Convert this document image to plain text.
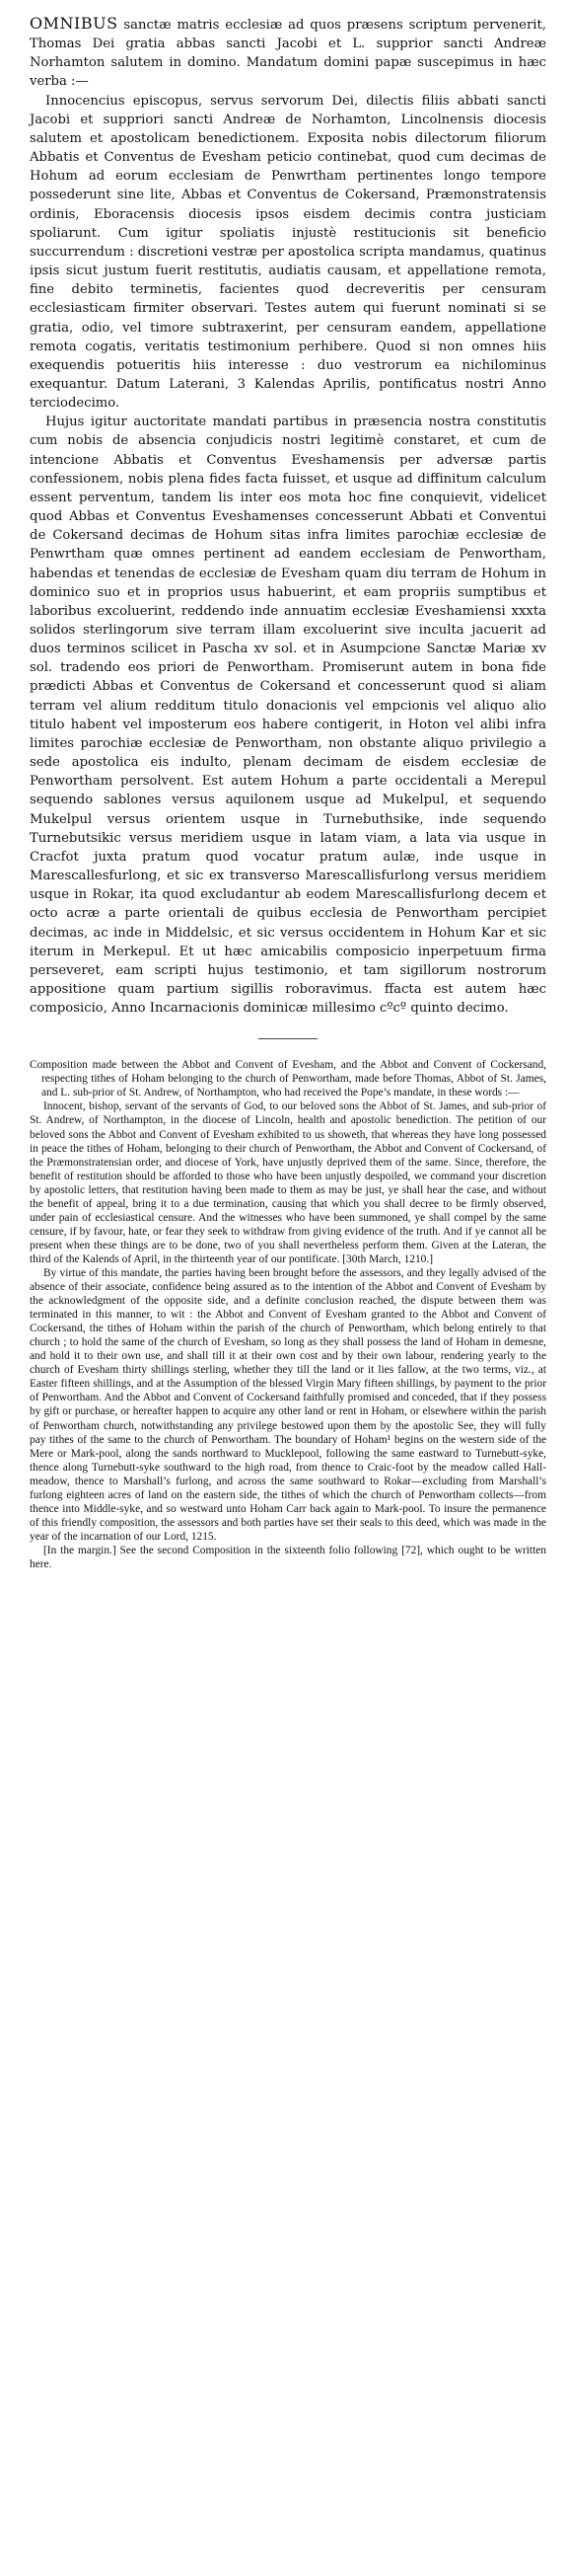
OMNIBUS sanctæ matris ecclesiæ ad quos præsens scriptum pervenerit, Thomas Dei gratia abbas sancti Jacobi et L. supprior sancti Andreæ Norhamton salutem in domino. Mandatum domini papæ suscepimus in hæc verba :—

Innocencius episcopus, servus servorum Dei, dilectis filiis abbati sancti Jacobi et suppriori sancti Andreæ de Norhamton, Lincolnensis diocesis salutem et apostolicam benedictionem. Exposita nobis dilectorum filiorum Abbatis et Conventus de Evesham peticio continebat, quod cum decimas de Hohum ad eorum ecclesiam de Penwrtham pertinentes longo tempore possederunt sine lite, Abbas et Conventus de Cokersand, Præmonstratensis ordinis, Eboracensis diocesis ipsos eisdem decimis contra justiciam spoliarunt. Cum igitur spoliatis injustè restitucionis sit beneficio succurrendum : discretioni vestræ per apostolica scripta mandamus, quatinus ipsis sicut justum fuerit restitutis, audiatis causam, et appellatione remota, fine debito terminetis, facientes quod decreveritis per censuram ecclesiasticam firmiter observari. Testes autem qui fuerunt nominati si se gratia, odio, vel timore subtraxerint, per censuram eandem, appellatione remota cogatis, veritatis testimonium perhibere. Quod si non omnes hiis exequendis potueritis hiis interesse : duo vestrorum ea nichilominus exequantur. Datum Laterani, 3 Kalendas Aprilis, pontificatus nostri Anno terciodecimo.

Hujus igitur auctoritate mandati partibus in præsencia nostra constitutis cum nobis de absencia conjudicis nostri legitimè constaret, et cum de intencione Abbatis et Conventus Eveshamensis per adversæ partis confessionem, nobis plena fides facta fuisset, et usque ad diffinitum calculum essent perventum, tandem lis inter eos mota hoc fine conquievit, videlicet quod Abbas et Conventus Eveshamenses concesserunt Abbati et Conventui de Cokersand decimas de Hohum sitas infra limites parochiæ ecclesiæ de Penwrtham quæ omnes pertinent ad eandem ecclesiam de Penwortham, habendas et tenendas de ecclesiæ de Evesham quam diu terram de Hohum in dominico suo et in proprios usus habuerint, et eam propriis sumptibus et laboribus excoluerint, reddendo inde annuatim ecclesiæ Eveshamiensi xxxta solidos sterlingorum sive terram illam excoluerint sive inculta jacuerit ad duos terminos scilicet in Pascha xv sol. et in Asumpcione Sanctæ Mariæ xv sol. tradendo eos priori de Penwortham. Promiserunt autem in bona fide prædicti Abbas et Conventus de Cokersand et concesserunt quod si aliam terram vel alium redditum titulo donacionis vel empcionis vel aliquo alio titulo habent vel imposterum eos habere contigerit, in Hoton vel alibi infra limites parochiæ ecclesiæ de Penwortham, non obstante aliquo privilegio a sede apostolica eis indulto, plenam decimam de eisdem ecclesiæ de Penwortham persolvent. Est autem Hohum a parte occidentali a Merepul sequendo sablones versus aquilonem usque ad Mukelpul, et sequendo Mukelpul versus orientem usque in Turnebuthsike, inde sequendo Turnebutsikic versus meridiem usque in latam viam, a lata via usque in Cracfot juxta pratum quod vocatur pratum aulæ, inde usque in Marescallesfurlong, et sic ex transverso Marescallisfurlong versus meridiem usque in Rokar, ita quod excludantur ab eodem Marescallisfurlong decem et octo acræ a parte orientali de quibus ecclesia de Penwortham percipiet decimas, ac inde in Middelsic, et sic versus occidentem in Hohum Kar et sic iterum in Merkepul. Et ut hæc amicabilis composicio inperpetuum firma perseveret, eam scripti hujus testimonio, et tam sigillorum nostrorum appositione quam partium sigillis roboravimus. ffacta est autem hæc composicio, Anno Incarnacionis dominicæ millesimo cºcº quinto decimo.

Composition made between the Abbot and Convent of Evesham, and the Abbot and Convent of Cockersand, respecting tithes of Hoham belonging to the church of Penwortham, made before Thomas, Abbot of St. James, and L. sub-prior of St. Andrew, of Northampton, who had received the Pope’s mandate, in these words :—

Innocent, bishop, servant of the servants of God, to our beloved sons the Abbot of St. James, and sub-prior of St. Andrew, of Northampton, in the diocese of Lincoln, health and apostolic benediction. The petition of our beloved sons the Abbot and Convent of Evesham exhibited to us showeth, that whereas they have long possessed in peace the tithes of Hoham, belonging to their church of Penwortham, the Abbot and Convent of Cockersand, of the Præmonstratensian order, and diocese of York, have unjustly deprived them of the same. Since, therefore, the benefit of restitution should be afforded to those who have been unjustly despoiled, we command your discretion by apostolic letters, that restitution having been made to them as may be just, ye shall hear the case, and without the benefit of appeal, bring it to a due termination, causing that which you shall decree to be firmly observed, under pain of ecclesiastical censure. And the witnesses who have been summoned, ye shall compel by the same censure, if by favour, hate, or fear they seek to withdraw from giving evidence of the truth. And if ye cannot all be present when these things are to be done, two of you shall nevertheless perform them. Given at the Lateran, the third of the Kalends of April, in the thirteenth year of our pontificate. [30th March, 1210.]

By virtue of this mandate, the parties having been brought before the assessors, and they legally advised of the absence of their associate, confidence being assured as to the intention of the Abbot and Convent of Evesham by the acknowledgment of the opposite side, and a definite conclusion reached, the dispute between them was terminated in this manner, to wit : the Abbot and Convent of Evesham granted to the Abbot and Convent of Cockersand, the tithes of Hoham within the parish of the church of Penwortham, which belong entirely to that church ; to hold the same of the church of Evesham, so long as they shall possess the land of Hoham in demesne, and hold it to their own use, and shall till it at their own cost and by their own labour, rendering yearly to the church of Evesham thirty shillings sterling, whether they till the land or it lies fallow, at the two terms, viz., at Easter fifteen shillings, and at the Assumption of the blessed Virgin Mary fifteen shillings, by payment to the prior of Penwortham. And the Abbot and Convent of Cockersand faithfully promised and conceded, that if they possess by gift or purchase, or hereafter happen to acquire any other land or rent in Hoham, or elsewhere within the parish of Penwortham church, notwithstanding any privilege bestowed upon them by the apostolic See, they will fully pay tithes of the same to the church of Penwortham. The boundary of Hoham¹ begins on the western side of the Mere or Mark-pool, along the sands northward to Mucklepool, following the same eastward to Turnebutt-syke, thence along Turnebutt-syke southward to the high road, from thence to Craic-foot by the meadow called Hall-meadow, thence to Marshall’s furlong, and across the same southward to Rokar—excluding from Marshall’s furlong eighteen acres of land on the eastern side, the tithes of which the church of Penwortham collects—from thence into Middle-syke, and so westward unto Hoham Carr back again to Mark-pool. To insure the permanence of this friendly composition, the assessors and both parties have set their seals to this deed, which was made in the year of the incarnation of our Lord, 1215.

[In the margin.] See the second Composition in the sixteenth folio following [72], which ought to be written here.
